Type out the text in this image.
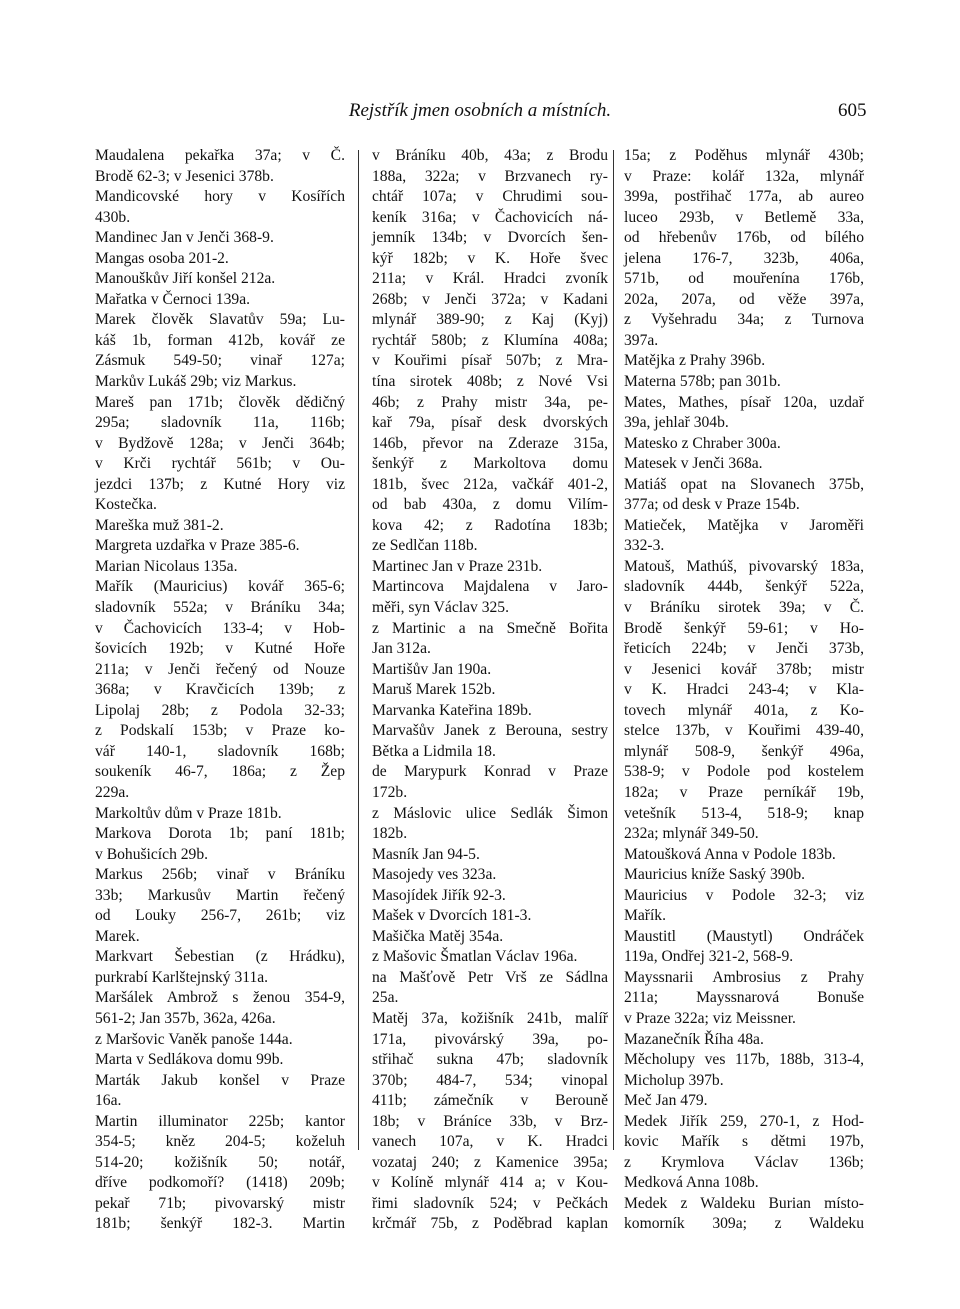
Rejstřík jmen osobních a místních.	605
Maudalena pekařka 37a; v Č.
Brodě 62-3; v Jesenici 378b.
Mandicovské hory v Kosířích
430b.
Mandinec Jan v Jenči 368-9.
Mangas osoba 201-2.
Manouškův Jiří konšel 212a.
Mařatka v Černoci 139a.
Marek člověk Slavatův 59a; Lu-
káš 1b, forman 412b, kovář ze
Zásmuk 549-50; vinař 127a;
Markův Lukáš 29b; viz Markus.
Mareš pan 171b; člověk dědičný
295a; sladovník 11a, 116b;
v Bydžově 128a; v Jenči 364b;
v Krči rychtář 561b; v Ou-
jezdci 137b; z Kutné Hory viz
Kostečka.
Mareška muž 381-2.
Margreta uzdařka v Praze 385-6.
Marian Nicolaus 135a.
Mařík (Mauricius) kovář 365-6;
sladovník 552a; v Bráníku 34a;
v Čachovicích 133-4; v Hob-
šovicích 192b; v Kutné Hoře
211a; v Jenči řečený od Nouze
368a; v Kravčicích 139b; z
Lipolaj 28b; z Podola 32-33;
z Podskalí 153b; v Praze ko-
vář 140-1, sladovník 168b;
soukeník 46-7, 186a; z Žep
229a.
Markoltův dům v Praze 181b.
Markova Dorota 1b; paní 181b;
v Bohušicích 29b.
Markus 256b; vinař v Bráníku
33b; Markusův Martin řečený
od Louky 256-7, 261b; viz
Marek.
Markvart Šebestian (z Hrádku),
purkrabí Karlštejnský 311a.
Maršálek Ambrož s ženou 354-9,
561-2; Jan 357b, 362a, 426a.
z Maršovic Vaněk panoše 144a.
Marta v Sedlákova domu 99b.
Marták Jakub konšel v Praze
16a.
Martin illuminator 225b; kantor
354-5; kněz 204-5; koželuh
514-20; kožišník 50; notář,
dříve podkomoří? (1418) 209b;
pekař 71b; pivovarský mistr
181b; šenkýř 182-3. Martin
v Bráníku 40b, 43a; z Brodu
188a, 322a; v Brzvanech ry-
chtář 107a; v Chrudimi sou-
keník 316a; v Čachovicích ná-
jemník 134b; v Dvorcích šen-
kýř 182b; v K. Hoře švec
211a; v Král. Hradci zvoník
268b; v Jenči 372a; v Kadani
mlynář 389-90; z Kaj (Kyj)
rychtář 580b; z Klumína 408a;
v Kouřimi písař 507b; z Mra-
tína sirotek 408b; z Nové Vsi
46b; z Prahy mistr 34a, pe-
kař 79a, písař desk dvorských
146b, převor na Zderaze 315a,
šenkýř z Markoltova domu
181b, švec 212a, vačkář 401-2,
od bab 430a, z domu Vilím-
kova 42; z Radotína 183b;
ze Sedlčan 118b.
Martinec Jan v Praze 231b.
Martincova Majdalena v Jaro-
měři, syn Václav 325.
z Martinic a na Smečně Bořita
Jan 312a.
Martišův Jan 190a.
Maruš Marek 152b.
Marvanka Kateřina 189b.
Marvašův Janek z Berouna, sestry
Bětka a Lidmila 18.
de Marypurk Konrad v Praze
172b.
z Máslovic ulice Sedlák Šimon
182b.
Masník Jan 94-5.
Masojedy ves 323a.
Masojídek Jiřík 92-3.
Mašek v Dvorcích 181-3.
Mašička Matěj 354a.
z Mašovic Šmatlan Václav 196a.
na Mašťově Petr Vrš ze Sádlna
25a.
Matěj 37a, kožišník 241b, malíř
171a, pivovárský 39a, po-
střihač sukna 47b; sladovník
370b; 484-7, 534; vinopal
411b; zámečník v Berouně
18b; v Bráníce 33b, v Brz-
vanech 107a, v K. Hradci
vozataj 240; z Kamenice 395a;
v Kolíně mlynář 414 a; v Kou-
řimi sladovník 524; v Pečkách
krčmář 75b, z Poděbrad kaplan
15a; z Poděhus mlynář 430b;
v Praze: kolář 132a, mlynář
399a, postřihač 177a, ab aureo
luceo 293b, v Betlemě 33a,
od hřebenův 176b, od bílého
jelena 176-7, 323b, 406a,
571b, od mouřenína 176b,
202a, 207a, od věže 397a,
z Vyšehradu 34a; z Turnova
397a.
Matějka z Prahy 396b.
Materna 578b; pan 301b.
Mates, Mathes, písař 120a, uzdař
39a, jehlař 304b.
Matesko z Chraber 300a.
Matesek v Jenči 368a.
Matiáš opat na Slovanech 375b,
377a; od desk v Praze 154b.
Matieček, Matějka v Jaroměři
332-3.
Matouš, Mathúš, pivovarský 183a,
sladovník 444b, šenkýř 522a,
v Bráníku sirotek 39a; v Č.
Brodě šenkýř 59-61; v Ho-
řeticích 224b; v Jenči 373b,
v Jesenici kovář 378b; mistr
v K. Hradci 243-4; v Kla-
tovech mlynář 401a, z Ko-
stelce 137b, v Kouřimi 439-40,
mlynář 508-9, šenkýř 496a,
538-9; v Podole pod kostelem
182a; v Praze perníkář 19b,
vetešník 513-4, 518-9; knap
232a; mlynář 349-50.
Matoušková Anna v Podole 183b.
Mauricius kníže Saský 390b.
Mauricius v Podole 32-3; viz
Mařík.
Maustitl (Maustytl) Ondráček
119a, Ondřej 321-2, 568-9.
Mayssnarii Ambrosius z Prahy
211a; Mayssnarová Bonuše
v Praze 322a; viz Meissner.
Mazanečník Říha 48a.
Měcholupy ves 117b, 188b, 313-4,
Micholup 397b.
Meč Jan 479.
Medek Jiřík 259, 270-1, z Hod-
kovic Mařík s dětmi 197b,
z Krymlova Václav 136b;
Medková Anna 108b.
Medek z Waldeku Burian místo-
komorník 309a; z Waldeku
